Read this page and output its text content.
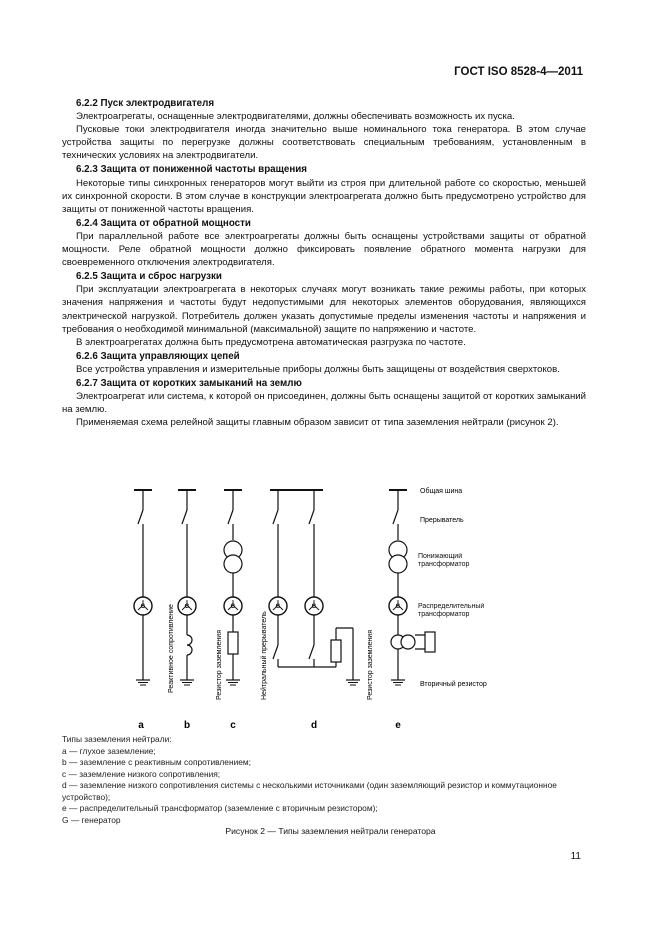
ГОСТ ISO 8528-4—2011
6.2.2 Пуск электродвигателя

Электроагрегаты, оснащенные электродвигателями, должны обеспечивать возможность их пуска.

Пусковые токи электродвигателя иногда значительно выше номинального тока генератора. В этом случае устройства защиты по перегрузке должны соответствовать специальным требованиям, установленным в технических условиях на электродвигатели.

6.2.3 Защита от пониженной частоты вращения

Некоторые типы синхронных генераторов могут выйти из строя при длительной работе со скоростью, меньшей их синхронной скорости. В этом случае в конструкции электроагрегата должно быть предусмотрено устройство для защиты от пониженной частоты вращения.

6.2.4 Защита от обратной мощности

При параллельной работе все электроагрегаты должны быть оснащены устройствами защиты от обратной мощности. Реле обратной мощности должно фиксировать появление обратного момента нагрузки для своевременного отключения электродвигателя.

6.2.5 Защита и сброс нагрузки

При эксплуатации электроагрегата в некоторых случаях могут возникать такие режимы работы, при которых значения напряжения и частоты будут недопустимыми для некоторых элементов оборудования, являющихся электрической нагрузкой. Потребитель должен указать допустимые пределы изменения частоты и напряжения и требования о необходимой минимальной (максимальной) защите по напряжению и частоте.

В электроагрегатах должна быть предусмотрена автоматическая разгрузка по частоте.

6.2.6 Защита управляющих цепей

Все устройства управления и измерительные приборы должны быть защищены от воздействия сверхтоков.

6.2.7 Защита от коротких замыканий на землю

Электроагрегат или система, к которой он присоединен, должны быть оснащены защитой от коротких замыканий на землю.

Применяемая схема релейной защиты главным образом зависит от типа заземления нейтрали (рисунок 2).

Общая шина
Прерыватель
Понижающий трансформатор
Распределительный трансформатор
Вторичный резистор
Реактивное сопротивление	Резистор заземления	Нейтральный прерыватель	Резистор заземления
G	G	G	G	G	G
a	b	c	d	e
Типы заземления нейтрали:
a — глухое заземление;
b — заземление с реактивным сопротивлением;
c — заземление низкого сопротивления;
d — заземление низкого сопротивления системы с несколькими источниками (один заземляющий резистор и коммутационное устройство);
e — распределительный трансформатор (заземление с вторичным резистором);
G — генератор
Рисунок 2 — Типы заземления нейтрали генератора
11
